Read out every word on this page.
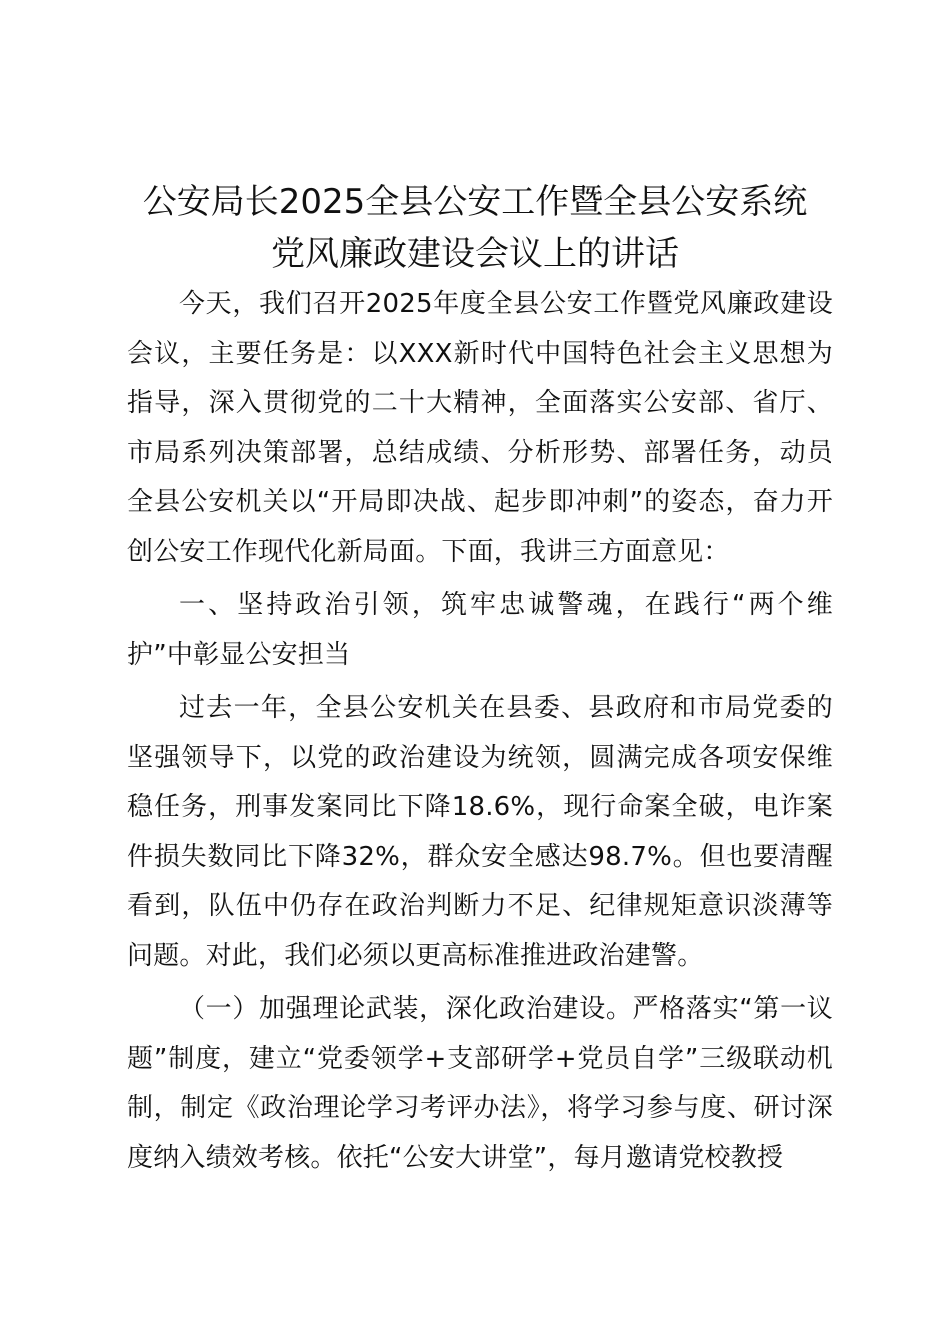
公安局长2025全县公安工作暨全县公安系统
党风廉政建设会议上的讲话

今天，我们召开2025年度全县公安工作暨党风廉政建设会议，主要任务是：以XXX新时代中国特色社会主义思想为指导，深入贯彻党的二十大精神，全面落实公安部、省厅、市局系列决策部署，总结成绩、分析形势、部署任务，动员全县公安机关以“开局即决战、起步即冲刺”的姿态，奋力开创公安工作现代化新局面。下面，我讲三方面意见：

一、坚持政治引领，筑牢忠诚警魂，在践行“两个维护”中彰显公安担当

过去一年，全县公安机关在县委、县政府和市局党委的坚强领导下，以党的政治建设为统领，圆满完成各项安保维稳任务，刑事发案同比下降18.6%，现行命案全破，电诈案件损失数同比下降32%，群众安全感达98.7%。但也要清醒看到，队伍中仍存在政治判断力不足、纪律规矩意识淡薄等问题。对此，我们必须以更高标准推进政治建警。

（一）加强理论武装，深化政治建设。严格落实“第一议题”制度，建立“党委领学+支部研学+党员自学”三级联动机制，制定《政治理论学习考评办法》，将学习参与度、研讨深度纳入绩效考核。依托“公安大讲堂”，每月邀请党校教授
